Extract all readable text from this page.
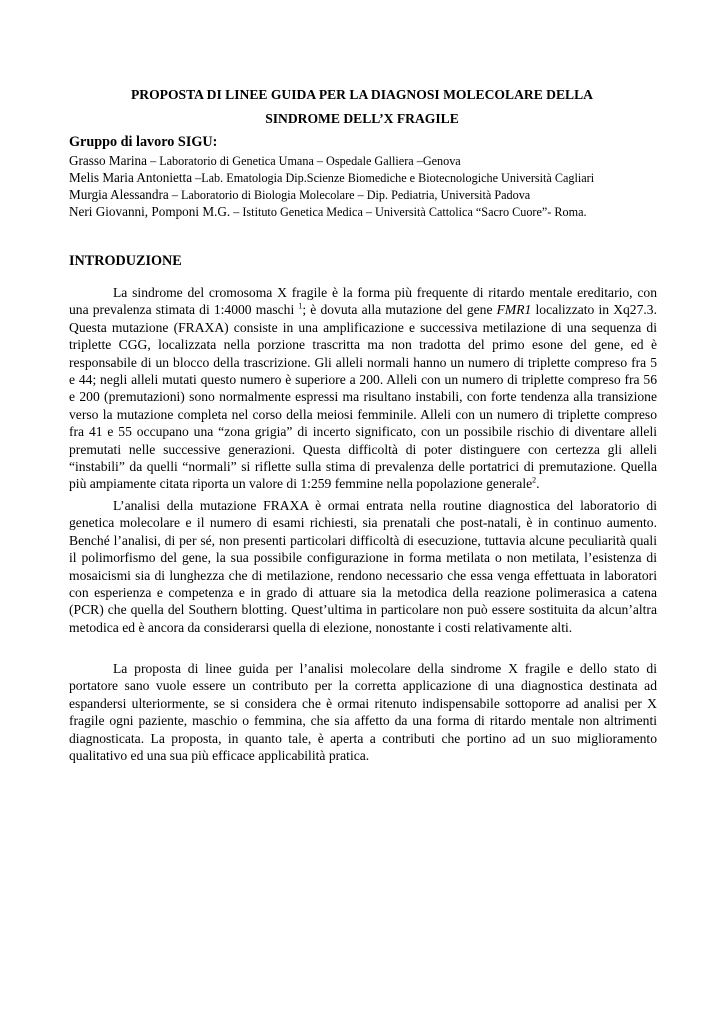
PROPOSTA DI LINEE GUIDA PER LA DIAGNOSI MOLECOLARE DELLA
SINDROME DELL’X FRAGILE
Gruppo di lavoro SIGU:
Grasso Marina – Laboratorio di Genetica Umana – Ospedale Galliera –Genova
Melis Maria Antonietta –Lab. Ematologia Dip.Scienze Biomediche e Biotecnologiche Università Cagliari
Murgia Alessandra – Laboratorio di Biologia Molecolare – Dip. Pediatria, Università Padova
Neri Giovanni, Pomponi M.G. – Istituto Genetica Medica – Università Cattolica “Sacro Cuore”- Roma.
INTRODUZIONE
La sindrome del cromosoma X fragile è la forma più frequente di ritardo mentale ereditario, con una prevalenza stimata di 1:4000 maschi $^1$; è dovuta alla mutazione del gene FMR1 localizzato in Xq27.3. Questa mutazione (FRAXA) consiste in una amplificazione e successiva metilazione di una sequenza di triplette CGG, localizzata nella porzione trascritta ma non tradotta del primo esone del gene, ed è responsabile di un blocco della trascrizione. Gli alleli normali hanno un numero di triplette compreso fra 5 e 44; negli alleli mutati questo numero è superiore a 200. Alleli con un numero di triplette compreso fra 56 e 200 (premutazioni) sono normalmente espressi ma risultano instabili, con forte tendenza alla transizione verso la mutazione completa nel corso della meiosi femminile. Alleli con un numero di triplette compreso fra 41 e 55 occupano una “zona grigia” di incerto significato, con un possibile rischio di diventare alleli premutati nelle successive generazioni. Questa difficoltà di poter distinguere con certezza gli alleli “instabili” da quelli “normali” si riflette sulla stima di prevalenza delle portatrici di premutazione. Quella più ampiamente citata riporta un valore di 1:259 femmine nella popolazione generale$^2$.
L’analisi della mutazione FRAXA è ormai entrata nella routine diagnostica del laboratorio di genetica molecolare e il numero di esami richiesti, sia prenatali che post-natali, è in continuo aumento. Benché l’analisi, di per sé, non presenti particolari difficoltà di esecuzione, tuttavia alcune peculiarità quali il polimorfismo del gene, la sua possibile configurazione in forma metilata o non metilata, l’esistenza di mosaicismi sia di lunghezza che di metilazione, rendono necessario che essa venga effettuata in laboratori con esperienza e competenza e in grado di attuare sia la metodica della reazione polimerasica a catena (PCR) che quella del Southern blotting. Quest’ultima in particolare non può essere sostituita da alcun’altra metodica ed è ancora da considerarsi quella di elezione, nonostante i costi relativamente alti.
La proposta di linee guida per l’analisi molecolare della sindrome X fragile e dello stato di portatore sano vuole essere un contributo per la corretta applicazione di una diagnostica destinata ad espandersi ulteriormente, se si considera che è ormai ritenuto indispensabile sottoporre ad analisi per X fragile ogni paziente, maschio o femmina, che sia affetto da una forma di ritardo mentale non altrimenti diagnosticata. La proposta, in quanto tale, è aperta a contributi che portino ad un suo miglioramento qualitativo ed una sua più efficace applicabilità pratica.
